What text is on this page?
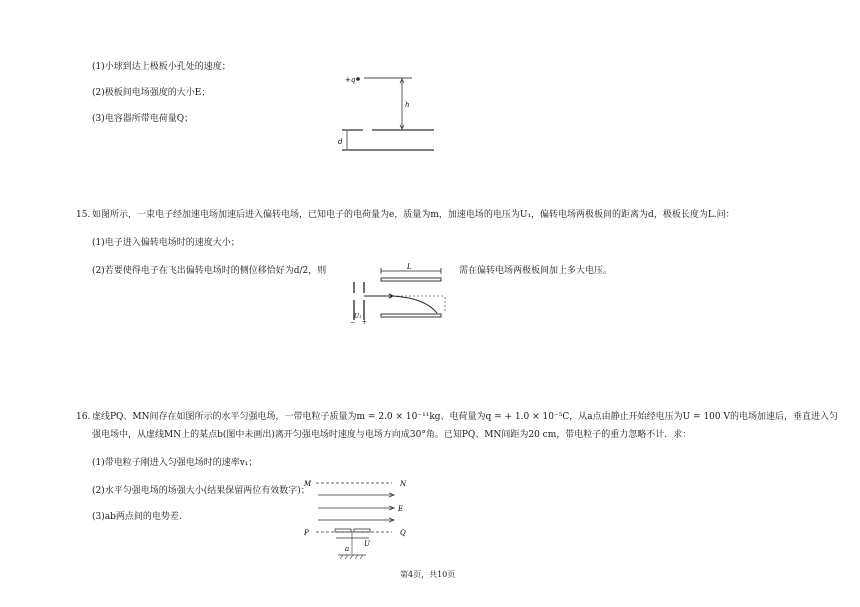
(1)小球到达上极板小孔处的速度；
(2)极板间电场强度的大小E；
(3)电容器所带电荷量Q；
+q
h
d
15. 如图所示，一束电子经加速电场加速后进入偏转电场，已知电子的电荷量为e，质量为m，加速电场的电压为U₁，偏转电场两极板间的距离为d，极板长度为L.问：
(1)电子进入偏转电场时的速度大小；
(2)若要使得电子在飞出偏转电场时的侧位移恰好为d/2，则	需在偏转电场两极板间加上多大电压。
L
− +
U₁
16. 虚线PQ、MN间存在如图所示的水平匀强电场，一带电粒子质量为m = 2.0 × 10⁻¹¹kg、电荷量为q = + 1.0 × 10⁻⁵C，从a点由静止开始经电压为U = 100 V的电场加速后，垂直进入匀
强电场中，从虚线MN上的某点b(图中未画出)离开匀强电场时速度与电场方向成30°角。已知PQ、MN间距为20 cm，带电粒子的重力忽略不计．求：
(1)带电粒子刚进入匀强电场时的速率v₁；
(2)水平匀强电场的场强大小(结果保留两位有效数字)；
(3)ab两点间的电势差.
M	N
E
P	Q
U
a
第4页，共10页
